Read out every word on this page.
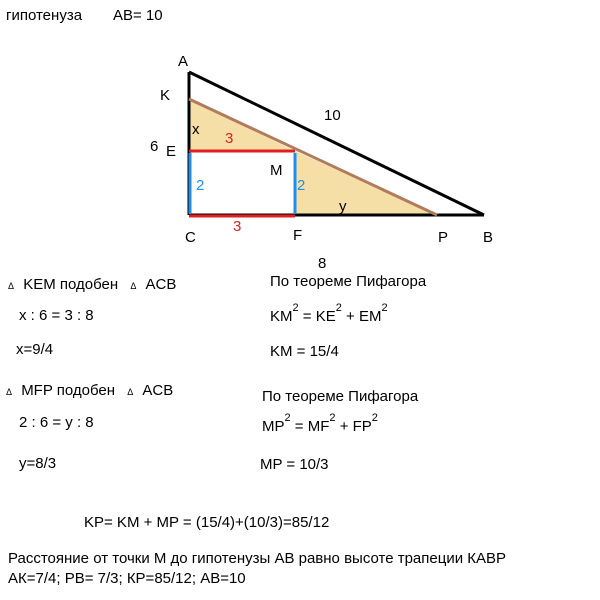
гипотенуза AB= 10
A
K
E
M
C	F	P B
10
6
8
x
y
3
3
2	2
Δ KEM подобен Δ ACB
x : 6 = 3 : 8
x=9/4
По теореме Пифагора
$KM^2 = KE^2 + EM^2$
KM = 15/4
Δ MFP подобен Δ ACB
2 : 6 = y : 8
y=8/3
По теореме Пифагора
$MP^2 = MF^2 + FP^2$
MP = 10/3
KP= KM + MP = (15/4)+(10/3)=85/12
Расстояние от точки М до гипотенузы АВ равно высоте трапеции КАВР
АК=7/4; РВ= 7/3; КР=85/12; АВ=10
